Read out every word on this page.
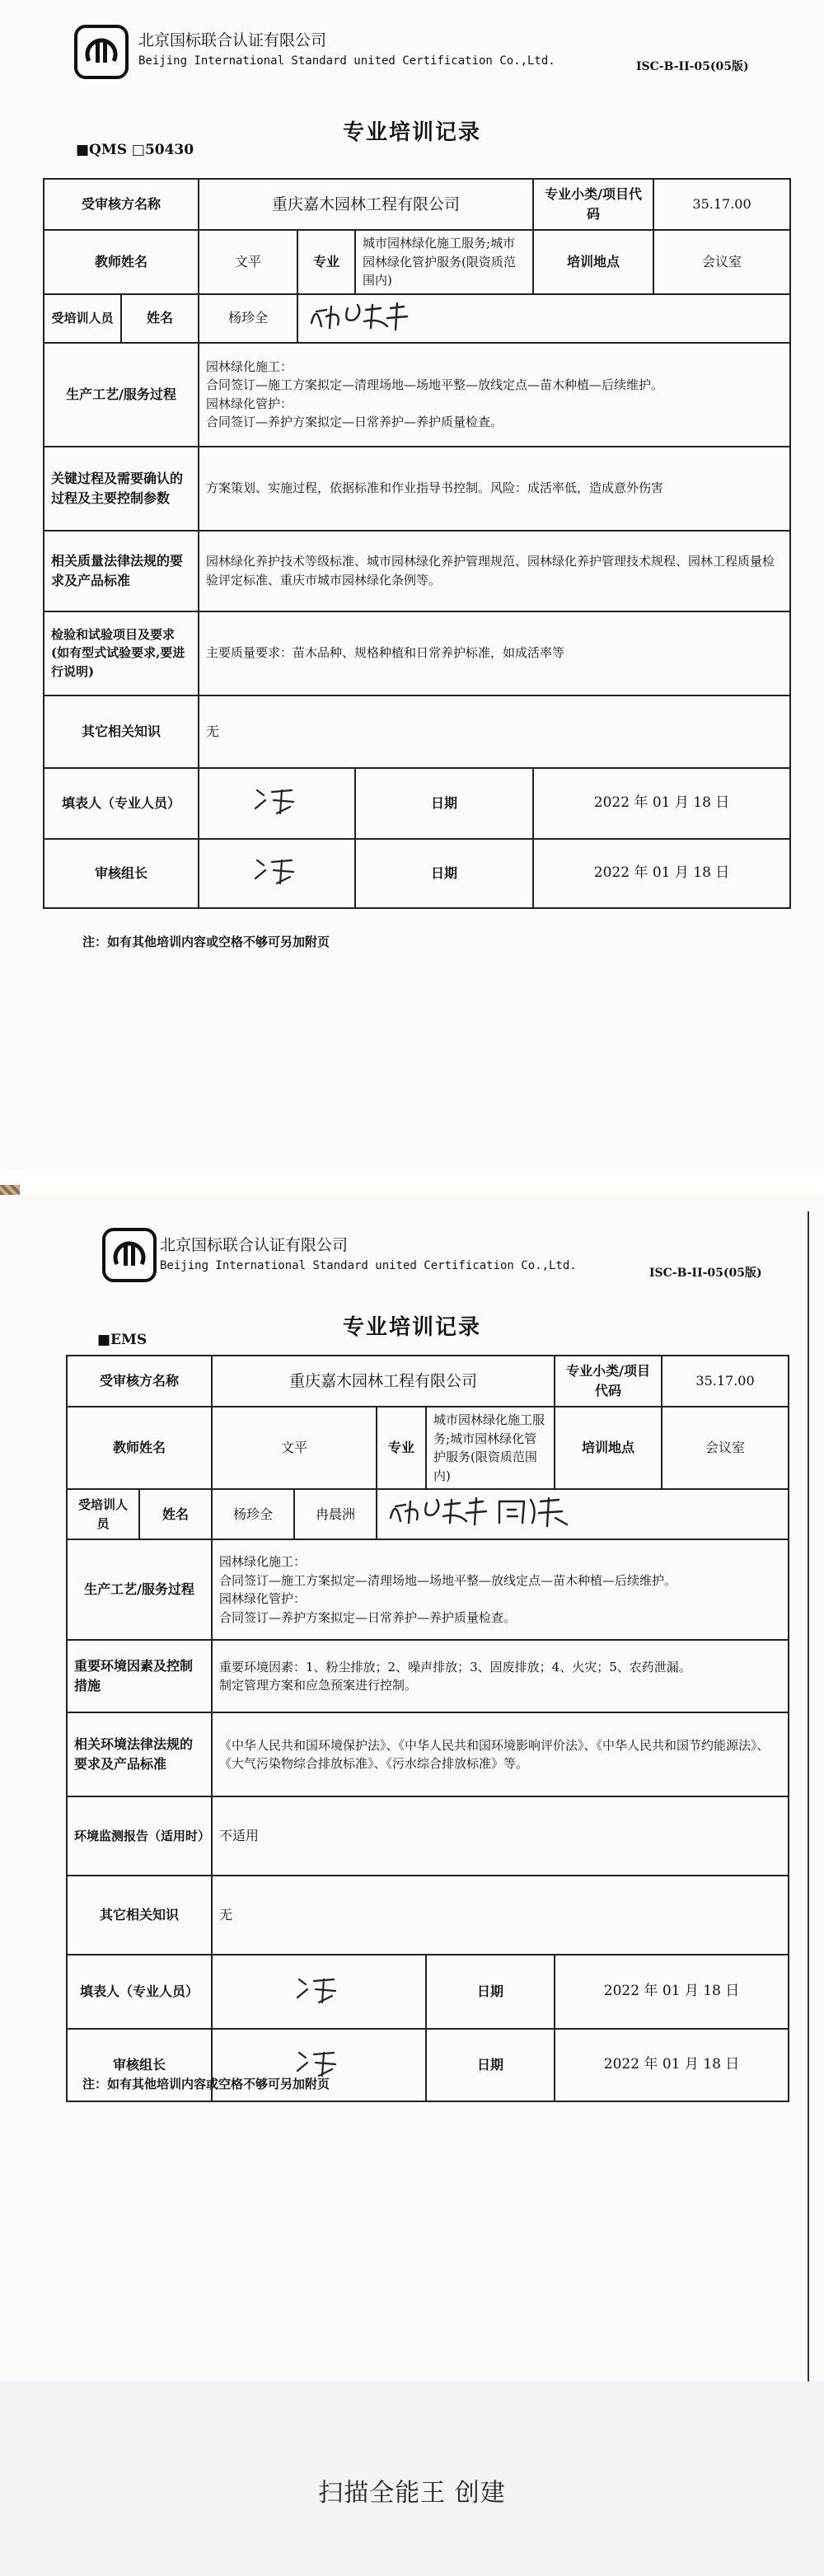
北京国标联合认证有限公司
Beijing International Standard united Certification Co.,Ltd.	ISC-B-II-05(05版)
专业培训记录
■QMS □50430
受审核方名称		重庆嘉木园林工程有限公司			专业小类/项目代码	35.17.00
教师姓名		文平	专业	城市园林绿化施工服务;城市园林绿化管护服务(限资质范围内)	培训地点	会议室
受培训人员	姓名	杨珍全	
生产工艺/服务过程		园林绿化施工：
合同签订—施工方案拟定—清理场地—场地平整—放线定点—苗木种植—后续维护。
园林绿化管护：
合同签订—养护方案拟定—日常养护—养护质量检查。				
关键过程及需要确认的过程及主要控制参数		方案策划、实施过程，依据标准和作业指导书控制。风险：成活率低，造成意外伤害				
相关质量法律法规的要求及产品标准		园林绿化养护技术等级标准、城市园林绿化养护管理规范、园林绿化养护管理技术规程、园林工程质量检验评定标准、重庆市城市园林绿化条例等。				
检验和试验项目及要求(如有型式试验要求,要进行说明)		主要质量要求：苗木品种、规格种植和日常养护标准，如成活率等				
其它相关知识		无				
填表人（专业人员）				日期	2022 年 01 月 18 日	
审核组长				日期	2022 年 01 月 18 日	
注：如有其他培训内容或空格不够可另加附页
北京国标联合认证有限公司
Beijing International Standard united Certification Co.,Ltd.
ISC-B-II-05(05版)
专业培训记录
■EMS
受审核方名称		重庆嘉木园林工程有限公司				专业小类/项目代码	35.17.00
教师姓名		文平		专业	城市园林绿化施工服务;城市园林绿化管护服务(限资质范围内)	培训地点	会议室
受培训人员	姓名	杨珍全	冉晨洲	
生产工艺/服务过程		园林绿化施工：
合同签订—施工方案拟定—清理场地—场地平整—放线定点—苗木种植—后续维护。
园林绿化管护：
合同签订—养护方案拟定—日常养护—养护质量检查。					
重要环境因素及控制措施		重要环境因素：1、粉尘排放；2、噪声排放；3、固废排放；4、火灾；5、农药泄漏。
制定管理方案和应急预案进行控制。					
相关环境法律法规的要求及产品标准		《中华人民共和国环境保护法》、《中华人民共和国环境影响评价法》、《中华人民共和国节约能源法》、《大气污染物综合排放标准》、《污水综合排放标准》等。					
环境监测报告（适用时）		不适用					
其它相关知识		无					
填表人（专业人员）					日期	2022 年 01 月 18 日	
审核组长					日期	2022 年 01 月 18 日	
注：如有其他培训内容或空格不够可另加附页
扫描全能王 创建
